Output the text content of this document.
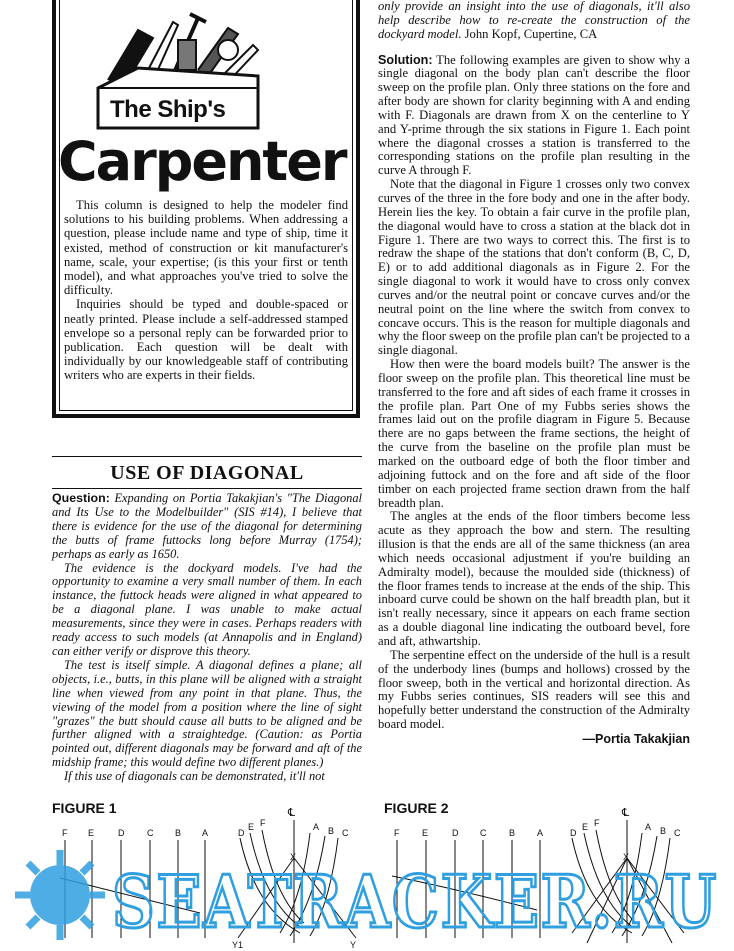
The Ship's
Carpenter

This column is designed to help the modeler find solutions to his building problems. When addressing a question, please include name and type of ship, time it existed, method of construction or kit manufacturer's name, scale, your expertise; (is this your first or tenth model), and what approaches you've tried to solve the difficulty.

Inquiries should be typed and double-spaced or neatly printed. Please include a self-addressed stamped envelope so a personal reply can be forwarded prior to publication. Each question will be dealt with individually by our knowledgeable staff of contributing writers who are experts in their fields.

USE OF DIAGONAL

Question: Expanding on Portia Takakjian's "The Diagonal and Its Use to the Modelbuilder" (SIS #14), I believe that there is evidence for the use of the diagonal for determining the butts of frame futtocks long before Murray (1754); perhaps as early as 1650.

The evidence is the dockyard models. I've had the opportunity to examine a very small number of them. In each instance, the futtock heads were aligned in what appeared to be a diagonal plane. I was unable to make actual measurements, since they were in cases. Perhaps readers with ready access to such models (at Annapolis and in England) can either verify or disprove this theory.

The test is itself simple. A diagonal defines a plane; all objects, i.e., butts, in this plane will be aligned with a straight line when viewed from any point in that plane. Thus, the viewing of the model from a position where the line of sight "grazes" the butt should cause all butts to be aligned and be further aligned with a straightedge. (Caution: as Portia pointed out, different diagonals may be forward and aft of the midship frame; this would define two different planes.)

If this use of diagonals can be demonstrated, it'll not

only provide an insight into the use of diagonals, it'll also help describe how to re-create the construction of the dockyard model. John Kopf, Cupertine, CA

Solution: The following examples are given to show why a single diagonal on the body plan can't describe the floor sweep on the profile plan. Only three stations on the fore and after body are shown for clarity beginning with A and ending with F. Diagonals are drawn from X on the centerline to Y and Y-prime through the six stations in Figure 1. Each point where the diagonal crosses a station is transferred to the corresponding stations on the profile plan resulting in the curve A through F.

Note that the diagonal in Figure 1 crosses only two convex curves of the three in the fore body and one in the after body. Herein lies the key. To obtain a fair curve in the profile plan, the diagonal would have to cross a station at the black dot in Figure 1. There are two ways to correct this. The first is to redraw the shape of the stations that don't conform (B, C, D, E) or to add additional diagonals as in Figure 2. For the single diagonal to work it would have to cross only convex curves and/or the neutral point or concave curves and/or the neutral point on the line where the switch from convex to concave occurs. This is the reason for multiple diagonals and why the floor sweep on the profile plan can't be projected to a single diagonal.

How then were the board models built? The answer is the floor sweep on the profile plan. This theoretical line must be transferred to the fore and aft sides of each frame it crosses in the profile plan. Part One of my Fubbs series shows the frames laid out on the profile diagram in Figure 5. Because there are no gaps between the frame sections, the height of the curve from the baseline on the profile plan must be marked on the outboard edge of both the floor timber and adjoining futtock and on the fore and aft side of the floor timber on each projected frame section drawn from the half breadth plan.

The angles at the ends of the floor timbers become less acute as they approach the bow and stern. The resulting illusion is that the ends are all of the same thickness (an area which needs occasional adjustment if you're building an Admiralty model), because the moulded side (thickness) of the floor frames tends to increase at the ends of the ship. This inboard curve could be shown on the half breadth plan, but it isn't really necessary, since it appears on each frame section as a double diagonal line indicating the outboard bevel, fore and aft, athwartship.

The serpentine effect on the underside of the hull is a result of the underbody lines (bumps and hollows) crossed by the floor sweep, both in the vertical and horizontal direction. As my Fubbs series continues, SIS readers will see this and hopefully better understand the construction of the Admiralty board model.

—Portia Takakjian
FIGURE 1	FIGURE 2
F E	D	C B A	D
E F	A B C
℄
X
Y1	Y
F	E	D C	B A	D
E F	A B C
℄
X
SEATRACKER.RU
